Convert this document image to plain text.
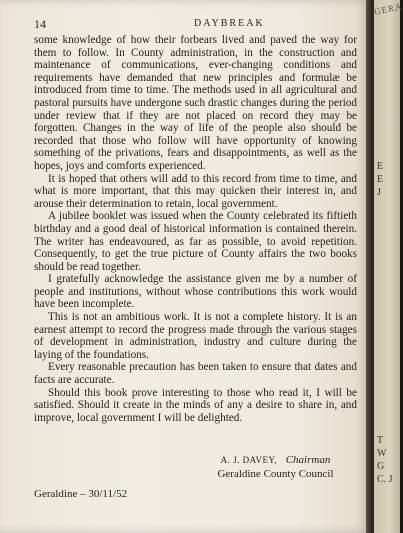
14	DAYBREAK

some knowledge of how their forbears lived and paved the way for them to follow. In County administration, in the construction and maintenance of communications, ever-changing conditions and requirements have demanded that new principles and formulæ be introduced from time to time. The methods used in all agricultural and pastoral pursuits have undergone such drastic changes during the period under review that if they are not placed on record they may be forgotten. Changes in the way of life of the people also should be recorded that those who follow will have opportunity of knowing something of the privations, fears and disappointments, as well as the hopes, joys and comforts experienced.

It is hoped that others will add to this record from time to time, and what is more important, that this may quicken their interest in, and arouse their determination to retain, local government.

A jubilee booklet was issued when the County celebrated its fiftieth birthday and a good deal of historical information is contained therein. The writer has endeavoured, as far as possible, to avoid repetition. Consequently, to get the true picture of County affairs the two books should be read together.

I gratefully acknowledge the assistance given me by a number of people and institutions, without whose contributions this work would have been incomplete.

This is not an ambitious work. It is not a complete history. It is an earnest attempt to record the progress made through the various stages of development in administration, industry and culture during the laying of the foundations.

Every reasonable precaution has been taken to ensure that dates and facts are accurate.

Should this book prove interesting to those who read it, I will be satisfied. Should it create in the minds of any a desire to share in, and improve, local government I will be delighted.

A. J. DAVEY, Chairman
Geraldine County Council
Geraldine – 30/11/52
GERA
E
E
J
T
W
G
C. J
